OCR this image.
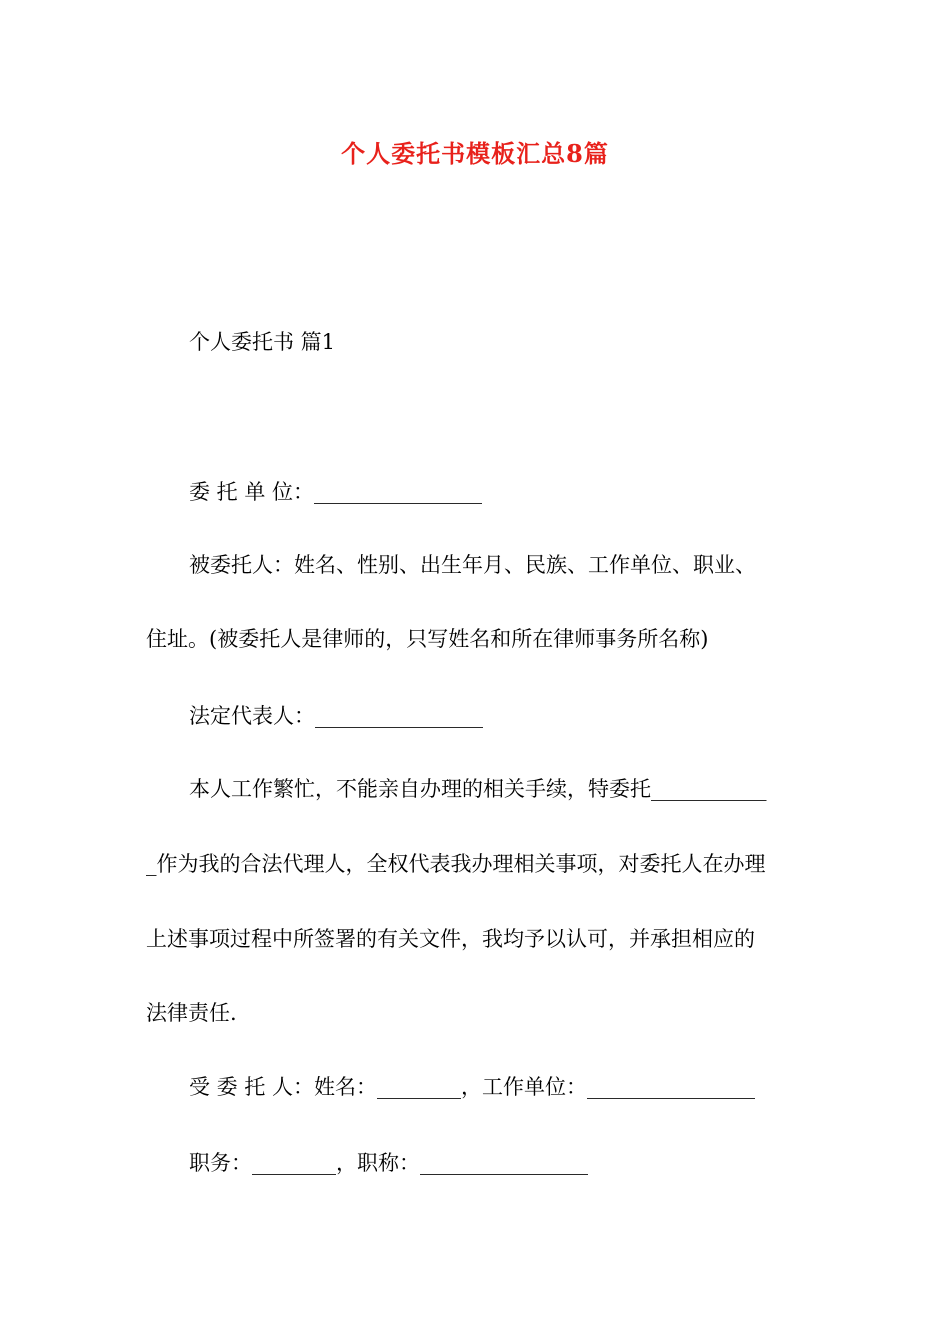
个人委托书模板汇总8篇
个人委托书 篇1
委 托 单 位：________________
被委托人：姓名、性别、出生年月、民族、工作单位、职业、
住址。(被委托人是律师的，只写姓名和所在律师事务所名称)
法定代表人：________________
本人工作繁忙，不能亲自办理的相关手续，特委托___________
_作为我的合法代理人，全权代表我办理相关事项，对委托人在办理
上述事项过程中所签署的有关文件，我均予以认可，并承担相应的
法律责任.
受 委 托 人：姓名：________，工作单位：________________
职务：________，职称：________________
